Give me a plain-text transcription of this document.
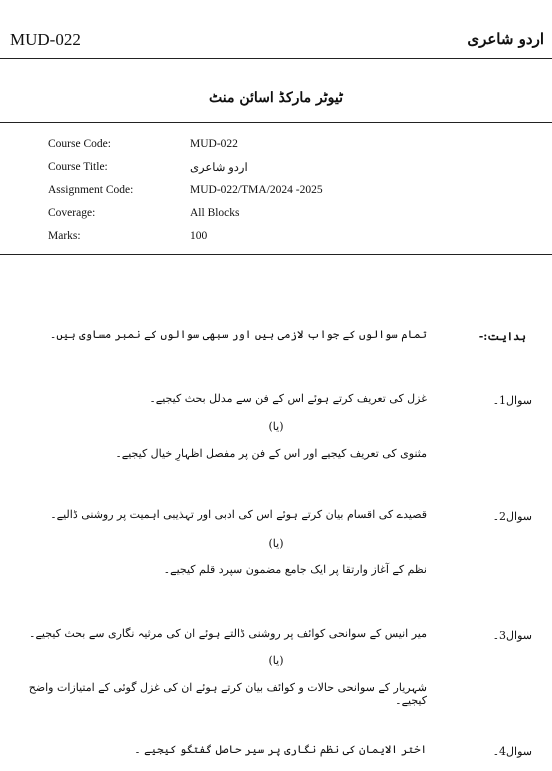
MUD-022	اردو شاعری
ٹیوٹر مارکڈ اسائن منٹ
Course Code:	MUD-022
Course Title:	اردو شاعری
Assignment Code:	MUD-022/TMA/2024 -2025
Coverage:	All Blocks
Marks:	100
ہدایت:-
تمام سوالوں کے جواب لازمی ہیں اور سبھی سوالوں کے نمبر مساوی ہیں۔
سوال1۔
غزل کی تعریف کرتے ہوئے اس کے فن سے مدلل بحث کیجیے۔
(یا)
مثنوی کی تعریف کیجیے اور اس کے فن پر مفصل اظہارِ خیال کیجیے۔
سوال2۔
قصیدے کی اقسام بیان کرتے ہوئے اس کی ادبی اور تہذیبی اہمیت پر روشنی ڈالیے۔
(یا)
نظم کے آغاز وارتقا پر ایک جامع مضمون سپرد قلم کیجیے۔
سوال3۔
میر انیس کے سوانحی کوائف پر روشنی ڈالتے ہوئے ان کی مرثیہ نگاری سے بحث کیجیے۔
(یا)
شہریار کے سوانحی حالات و کوائف بیان کرتے ہوئے ان کی غزل گوئی کے امتیازات واضح کیجیے۔
سوال4۔
اختر الایمان کی نظم نگاری پر سیر حاصل گفتگو کیجیے ۔
